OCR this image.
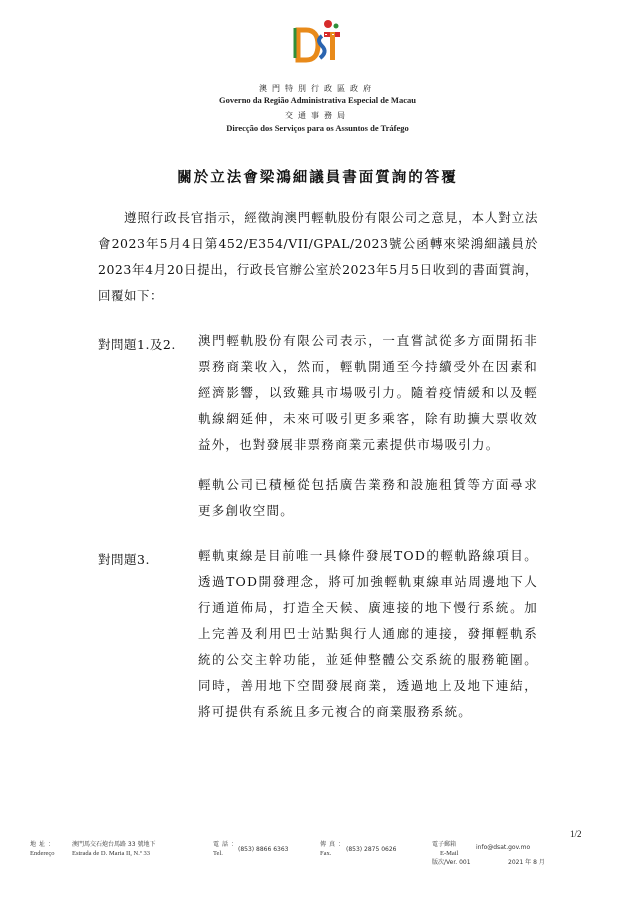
澳門特別行政區政府
Governo da Região Administrativa Especial de Macau
交通事務局
Direcção dos Serviços para os Assuntos de Tráfego
關於立法會梁鴻細議員書面質詢的答覆

遵照行政長官指示，經徵詢澳門輕軌股份有限公司之意見，本人對立法會2023年5月4日第452/E354/VII/GPAL/2023號公函轉來梁鴻細議員於2023年4月20日提出，行政長官辦公室於2023年5月5日收到的書面質詢，回覆如下：

對問題1.及2. 澳門輕軌股份有限公司表示，一直嘗試從多方面開拓非票務商業收入，然而，輕軌開通至今持續受外在因素和經濟影響，以致難具市場吸引力。隨着疫情緩和以及輕軌線網延伸，未來可吸引更多乘客，除有助擴大票收效益外，也對發展非票務商業元素提供市場吸引力。

輕軌公司已積極從包括廣告業務和設施租賃等方面尋求更多創收空間。

對問題3.	輕軌東線是目前唯一具條件發展TOD的輕軌路線項目。透過TOD開發理念，將可加強輕軌東線車站周邊地下人行通道佈局，打造全天候、廣連接的地下慢行系統。加上完善及利用巴士站點與行人通廊的連接，發揮輕軌系統的公交主幹功能，並延伸整體公交系統的服務範圍。同時，善用地下空間發展商業，透過地上及地下連結，將可提供有系統且多元複合的商業服務系統。

1/2
地址：
Endereço
澳門馬交石炮台馬路 33 號地下
Estrada de D. Maria II, N.º 33
電話：
Tel.
(853) 8866 6363
傳真：
Fax.
(853) 2875 0626
電子郵箱
E-Mail
info@dsat.gov.mo
版次/Ver. 001	2021 年 8 月
